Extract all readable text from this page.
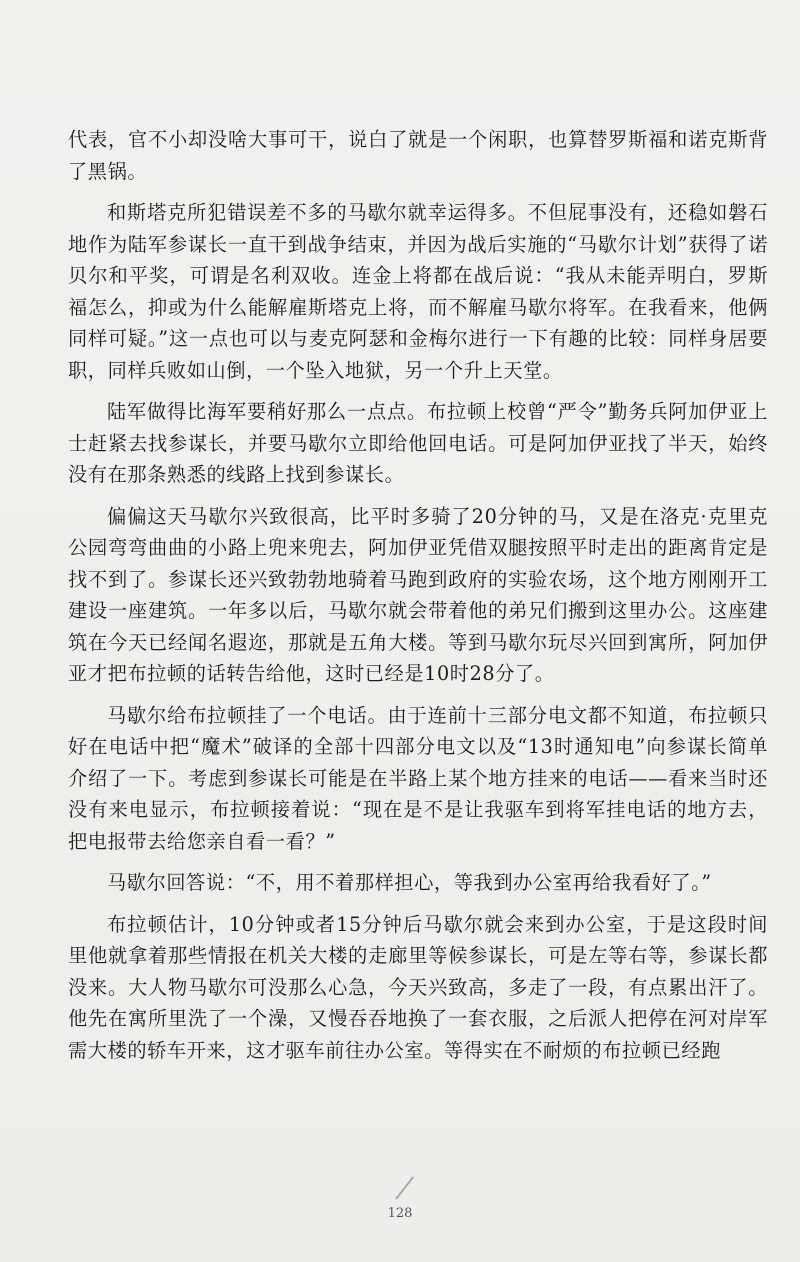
代表，官不小却没啥大事可干，说白了就是一个闲职，也算替罗斯福和诺克斯背了黑锅。

和斯塔克所犯错误差不多的马歇尔就幸运得多。不但屁事没有，还稳如磐石地作为陆军参谋长一直干到战争结束，并因为战后实施的“马歇尔计划”获得了诺贝尔和平奖，可谓是名利双收。连金上将都在战后说：“我从未能弄明白，罗斯福怎么，抑或为什么能解雇斯塔克上将，而不解雇马歇尔将军。在我看来，他俩同样可疑。”这一点也可以与麦克阿瑟和金梅尔进行一下有趣的比较：同样身居要职，同样兵败如山倒，一个坠入地狱，另一个升上天堂。

陆军做得比海军要稍好那么一点点。布拉顿上校曾“严令”勤务兵阿加伊亚上士赶紧去找参谋长，并要马歇尔立即给他回电话。可是阿加伊亚找了半天，始终没有在那条熟悉的线路上找到参谋长。

偏偏这天马歇尔兴致很高，比平时多骑了20分钟的马，又是在洛克·克里克公园弯弯曲曲的小路上兜来兜去，阿加伊亚凭借双腿按照平时走出的距离肯定是找不到了。参谋长还兴致勃勃地骑着马跑到政府的实验农场，这个地方刚刚开工建设一座建筑。一年多以后，马歇尔就会带着他的弟兄们搬到这里办公。这座建筑在今天已经闻名遐迩，那就是五角大楼。等到马歇尔玩尽兴回到寓所，阿加伊亚才把布拉顿的话转告给他，这时已经是10时28分了。

马歇尔给布拉顿挂了一个电话。由于连前十三部分电文都不知道，布拉顿只好在电话中把“魔术”破译的全部十四部分电文以及“13时通知电”向参谋长简单介绍了一下。考虑到参谋长可能是在半路上某个地方挂来的电话——看来当时还没有来电显示，布拉顿接着说：“现在是不是让我驱车到将军挂电话的地方去，把电报带去给您亲自看一看？”

马歇尔回答说：“不，用不着那样担心，等我到办公室再给我看好了。”

布拉顿估计，10分钟或者15分钟后马歇尔就会来到办公室，于是这段时间里他就拿着那些情报在机关大楼的走廊里等候参谋长，可是左等右等，参谋长都没来。大人物马歇尔可没那么心急，今天兴致高，多走了一段，有点累出汗了。他先在寓所里洗了一个澡，又慢吞吞地换了一套衣服，之后派人把停在河对岸军需大楼的轿车开来，这才驱车前往办公室。等得实在不耐烦的布拉顿已经跑

128
